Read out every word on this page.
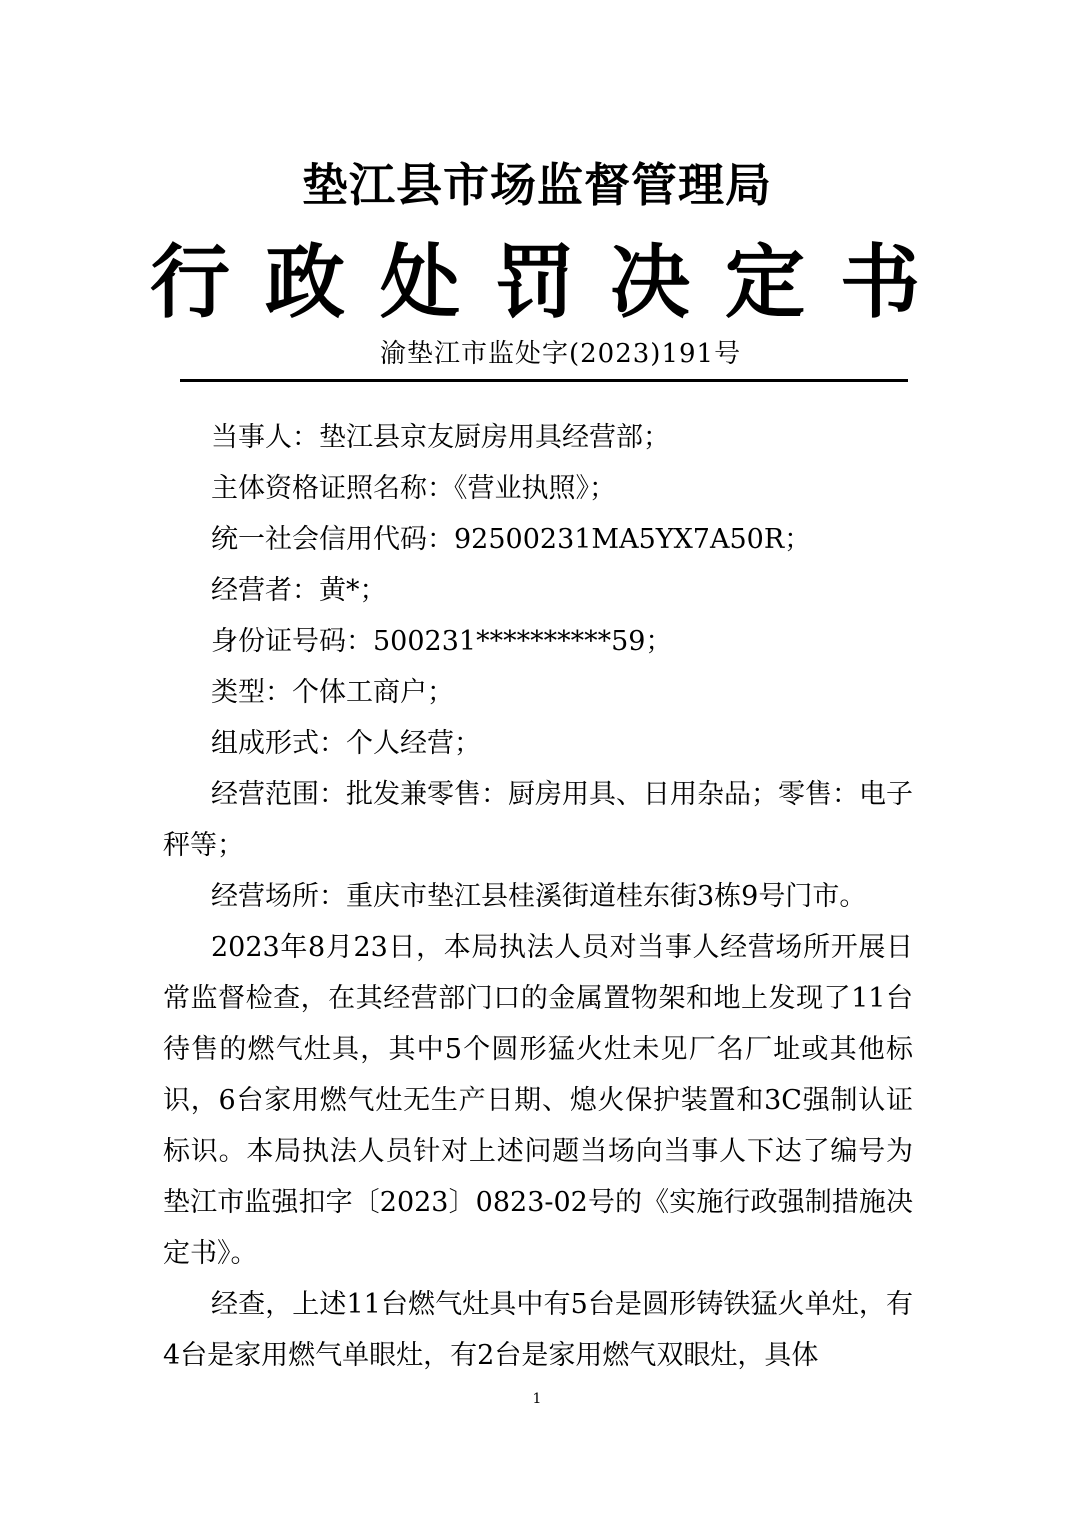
垫江县市场监督管理局
行 政 处 罚 决 定 书
渝垫江市监处字(2023)191号

当事人：垫江县京友厨房用具经营部；

主体资格证照名称：《营业执照》；

统一社会信用代码：92500231MA5YX7A50R；

经营者：黄*；

身份证号码：500231**********59；

类型：个体工商户；

组成形式：个人经营；

经营范围：批发兼零售：厨房用具、日用杂品；零售：电子秤等；

经营场所：重庆市垫江县桂溪街道桂东街3栋9号门市。

2023年8月23日，本局执法人员对当事人经营场所开展日常监督检查，在其经营部门口的金属置物架和地上发现了11台待售的燃气灶具，其中5个圆形猛火灶未见厂名厂址或其他标识，6台家用燃气灶无生产日期、熄火保护装置和3C强制认证标识。本局执法人员针对上述问题当场向当事人下达了编号为垫江市监强扣字〔2023〕0823-02号的《实施行政强制措施决定书》。

经查，上述11台燃气灶具中有5台是圆形铸铁猛火单灶，有4台是家用燃气单眼灶，有2台是家用燃气双眼灶，具体

1
